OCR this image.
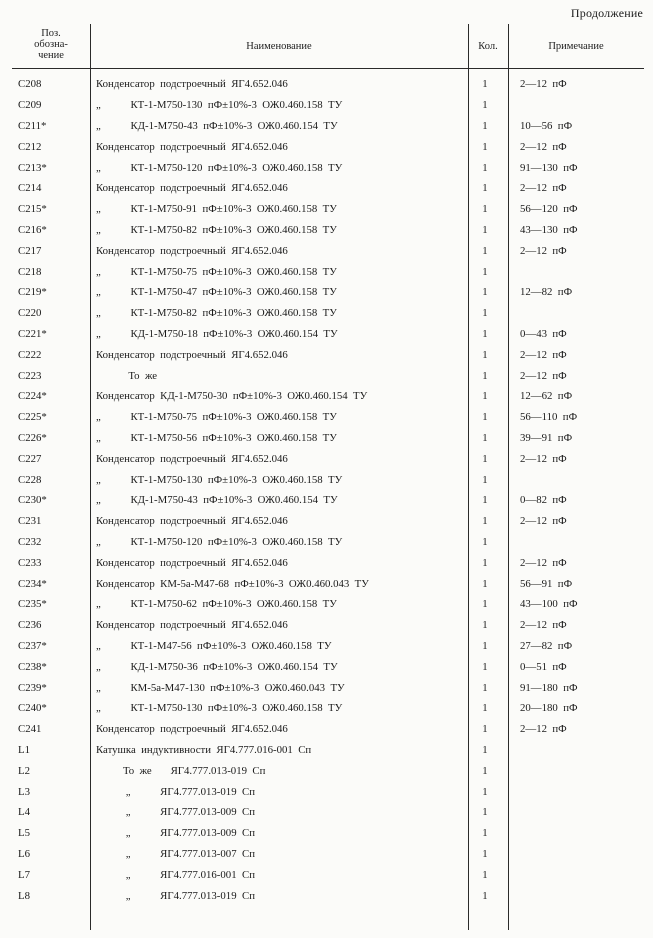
Продолжение
Поз.
обозна-
чение
Наименование	Кол.	Примечание
C208	Конденсатор  подстроечный  ЯГ4.652.046	1	2—12  пФ
C209	„           КТ-1-М750-130  пФ±10%-3  ОЖ0.460.158  ТУ	1
C211*	„           КД-1-М750-43  пФ±10%-3  ОЖ0.460.154  ТУ	1	10—56  пФ
C212	Конденсатор  подстроечный  ЯГ4.652.046	1	2—12  пФ
C213*	„           КТ-1-М750-120  пФ±10%-3  ОЖ0.460.158  ТУ	1	91—130  пФ
C214	Конденсатор  подстроечный  ЯГ4.652.046	1	2—12  пФ
C215*	„           КТ-1-М750-91  пФ±10%-3  ОЖ0.460.158  ТУ	1	56—120  пФ
C216*	„           КТ-1-М750-82  пФ±10%-3  ОЖ0.460.158  ТУ	1	43—130  пФ
C217	Конденсатор  подстроечный  ЯГ4.652.046	1	2—12  пФ
C218	„           КТ-1-М750-75  пФ±10%-3  ОЖ0.460.158  ТУ	1
C219*	„           КТ-1-М750-47  пФ±10%-3  ОЖ0.460.158  ТУ	1	12—82  пФ
C220	„           КТ-1-М750-82  пФ±10%-3  ОЖ0.460.158  ТУ	1
C221*	„           КД-1-М750-18  пФ±10%-3  ОЖ0.460.154  ТУ	1	0—43  пФ
C222	Конденсатор  подстроечный  ЯГ4.652.046	1	2—12  пФ
C223	То  же	1	2—12  пФ
C224*	Конденсатор  КД-1-М750-30  пФ±10%-3  ОЖ0.460.154  ТУ	1	12—62  пФ
C225*	„           КТ-1-М750-75  пФ±10%-3  ОЖ0.460.158  ТУ	1	56—110  пФ
C226*	„           КТ-1-М750-56  пФ±10%-3  ОЖ0.460.158  ТУ	1	39—91  пФ
C227	Конденсатор  подстроечный  ЯГ4.652.046	1	2—12  пФ
C228	„           КТ-1-М750-130  пФ±10%-3  ОЖ0.460.158  ТУ	1
C230*	„           КД-1-М750-43  пФ±10%-3  ОЖ0.460.154  ТУ	1	0—82  пФ
C231	Конденсатор  подстроечный  ЯГ4.652.046	1	2—12  пФ
C232	„           КТ-1-М750-120  пФ±10%-3  ОЖ0.460.158  ТУ	1
C233	Конденсатор  подстроечный  ЯГ4.652.046	1	2—12  пФ
C234*	Конденсатор  КМ-5а-М47-68  пФ±10%-3  ОЖ0.460.043  ТУ	1	56—91  пФ
C235*	„           КТ-1-М750-62  пФ±10%-3  ОЖ0.460.158  ТУ	1	43—100  пФ
C236	Конденсатор  подстроечный  ЯГ4.652.046	1	2—12  пФ
C237*	„           КТ-1-М47-56  пФ±10%-3  ОЖ0.460.158  ТУ	1	27—82  пФ
C238*	„           КД-1-М750-36  пФ±10%-3  ОЖ0.460.154  ТУ	1	0—51  пФ
C239*	„           КМ-5а-М47-130  пФ±10%-3  ОЖ0.460.043  ТУ	1	91—180  пФ
C240*	„           КТ-1-М750-130  пФ±10%-3  ОЖ0.460.158  ТУ	1	20—180  пФ
C241	Конденсатор  подстроечный  ЯГ4.652.046	1	2—12  пФ
L1	Катушка  индуктивности  ЯГ4.777.016-001  Сп	1
L2	То  же       ЯГ4.777.013-019  Сп	1
L3	„           ЯГ4.777.013-019  Сп	1
L4	„           ЯГ4.777.013-009  Сп	1
L5	„           ЯГ4.777.013-009  Сп	1
L6	„           ЯГ4.777.013-007  Сп	1
L7	„           ЯГ4.777.016-001  Сп	1
L8	„           ЯГ4.777.013-019  Сп	1
